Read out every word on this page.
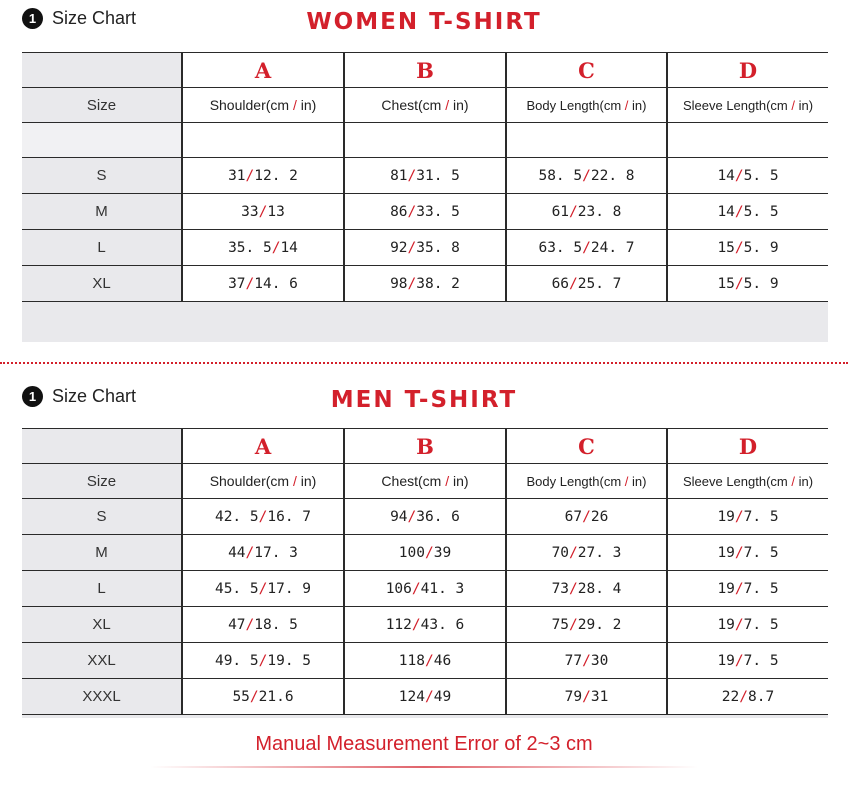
1 Size Chart	WOMEN T-SHIRT
	A	B	C	D
Size	Shoulder(cm / in)	Chest(cm / in)	Body Length(cm / in)	Sleeve Length(cm / in)

S	31/12. 2	81/31. 5	58. 5/22. 8	14/5. 5
M	33/13	86/33. 5	61/23. 8	14/5. 5
L	35. 5/14	92/35. 8	63. 5/24. 7	15/5. 9
XL	37/14. 6	98/38. 2	66/25. 7	15/5. 9
1 Size Chart	MEN T-SHIRT
	A	B	C	D
Size	Shoulder(cm / in)	Chest(cm / in)	Body Length(cm / in)	Sleeve Length(cm / in)
S	42. 5/16. 7	94/36. 6	67/26	19/7. 5
M	44/17. 3	100/39	70/27. 3	19/7. 5
L	45. 5/17. 9	106/41. 3	73/28. 4	19/7. 5
XL	47/18. 5	112/43. 6	75/29. 2	19/7. 5
XXL	49. 5/19. 5	118/46	77/30	19/7. 5
XXXL	55/21.6	124/49	79/31	22/8.7
Manual Measurement Error of 2~3 cm
